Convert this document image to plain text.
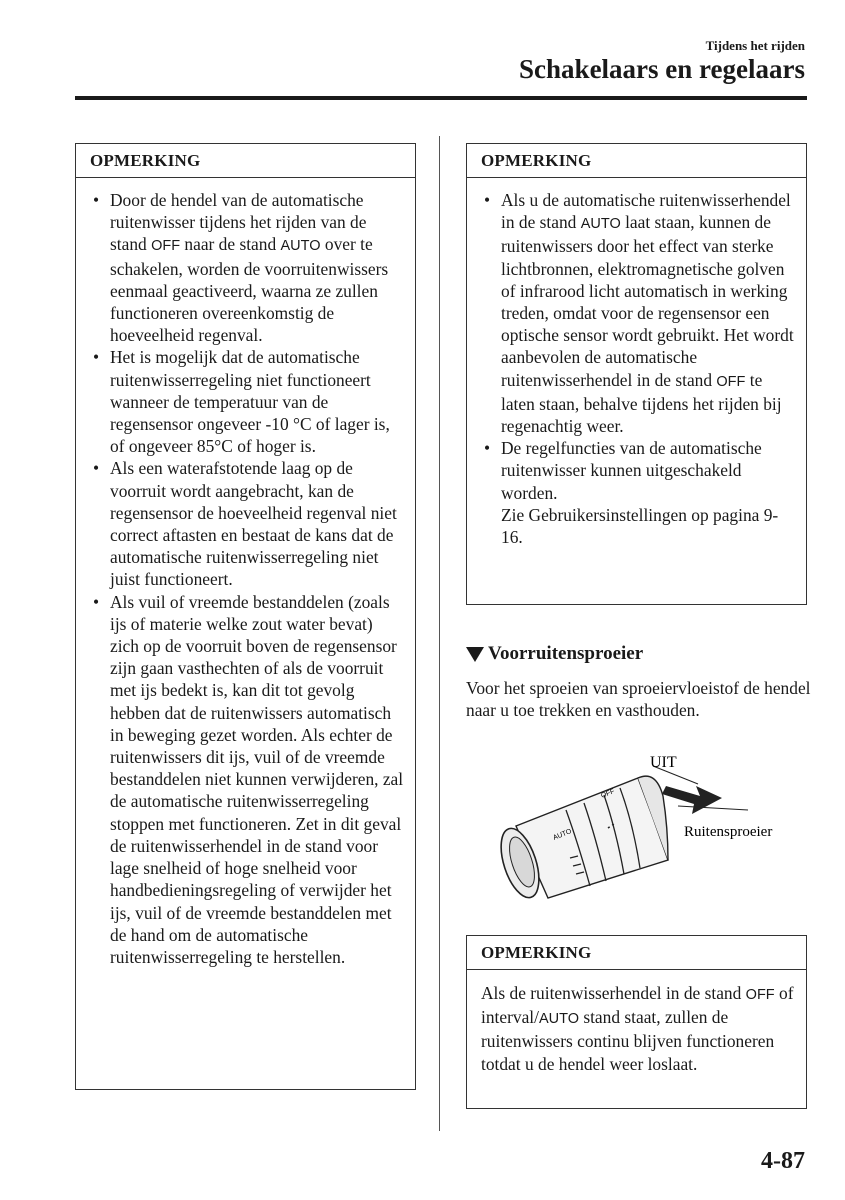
Tijdens het rijden
Schakelaars en regelaars
OPMERKING
• Door de hendel van de automatische ruitenwisser tijdens het rijden van de stand OFF naar de stand AUTO over te schakelen, worden de voorruitenwissers eenmaal geactiveerd, waarna ze zullen functioneren overeenkomstig de hoeveelheid regenval.
• Het is mogelijk dat de automatische ruitenwisserregeling niet functioneert wanneer de temperatuur van de regensensor ongeveer -10 °C of lager is, of ongeveer 85°C of hoger is.
• Als een waterafstotende laag op de voorruit wordt aangebracht, kan de regensensor de hoeveelheid regenval niet correct aftasten en bestaat de kans dat de automatische ruitenwisserregeling niet juist functioneert.
• Als vuil of vreemde bestanddelen (zoals ijs of materie welke zout water bevat) zich op de voorruit boven de regensensor zijn gaan vasthechten of als de voorruit met ijs bedekt is, kan dit tot gevolg hebben dat de ruitenwissers automatisch in beweging gezet worden. Als echter de ruitenwissers dit ijs, vuil of de vreemde bestanddelen niet kunnen verwijderen, zal de automatische ruitenwisserregeling stoppen met functioneren. Zet in dit geval de ruitenwisserhendel in de stand voor lage snelheid of hoge snelheid voor handbedieningsregeling of verwijder het ijs, vuil of de vreemde bestanddelen met de hand om de automatische ruitenwisserregeling te herstellen.
OPMERKING
• Als u de automatische ruitenwisserhendel in de stand AUTO laat staan, kunnen de ruitenwissers door het effect van sterke lichtbronnen, elektromagnetische golven of infrarood licht automatisch in werking treden, omdat voor de regensensor een optische sensor wordt gebruikt. Het wordt aanbevolen de automatische ruitenwisserhendel in de stand OFF te laten staan, behalve tijdens het rijden bij regenachtig weer.
• De regelfuncties van de automatische ruitenwisser kunnen uitgeschakeld worden.
Zie Gebruikersinstellingen op pagina 9-16.
Voorruitensproeier

Voor het sproeien van sproeiervloeistof de hendel naar u toe trekken en vasthouden.

OFF
AUTO
UIT
Ruitensproeier
OPMERKING

Als de ruitenwisserhendel in de stand OFF of interval/AUTO stand staat, zullen de ruitenwissers continu blijven functioneren totdat u de hendel weer loslaat.

4-87
